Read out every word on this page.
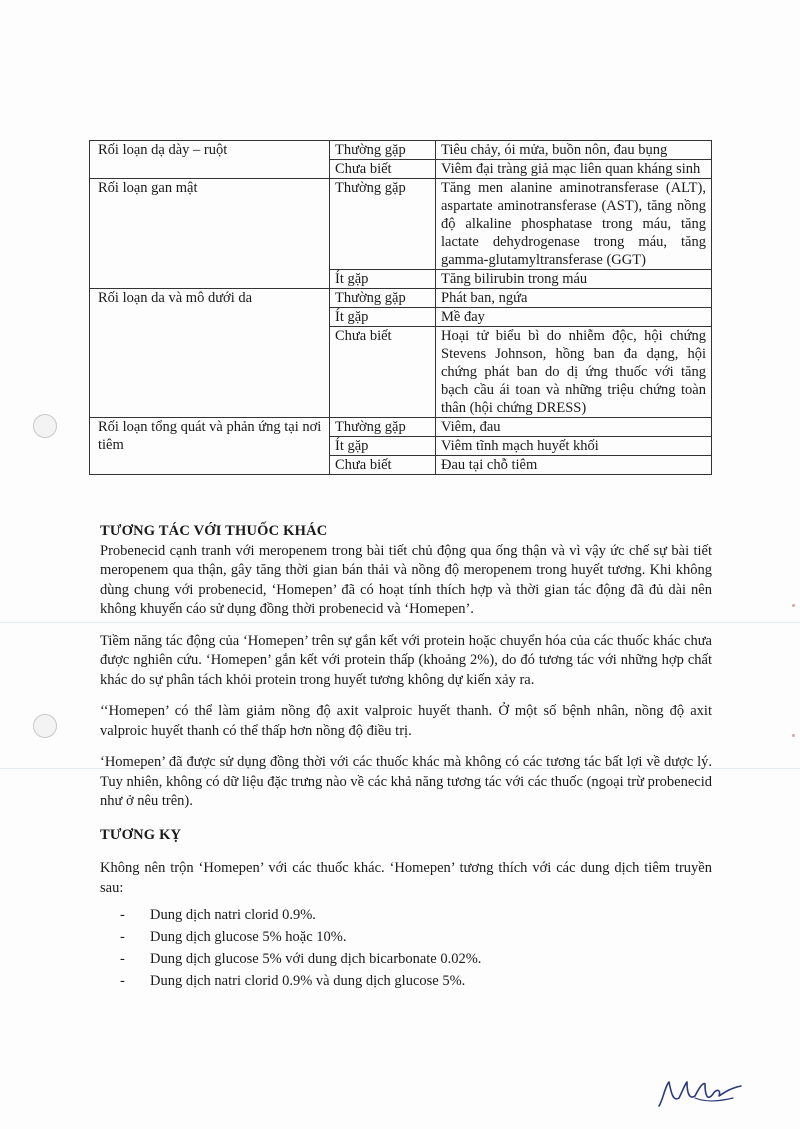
Rối loạn dạ dày – ruột	Thường gặp	Tiêu chảy, ói mửa, buồn nôn, đau bụng
	Chưa biết	Viêm đại tràng giả mạc liên quan kháng sinh
Rối loạn gan mật	Thường gặp	Tăng men alanine aminotransferase (ALT), aspartate aminotransferase (AST), tăng nồng độ alkaline phosphatase trong máu, tăng lactate dehydrogenase trong máu, tăng gamma-glutamyltransferase (GGT)
	Ít gặp	Tăng bilirubin trong máu
Rối loạn da và mô dưới da	Thường gặp	Phát ban, ngứa
	Ít gặp	Mề đay
	Chưa biết	Hoại tử biểu bì do nhiễm độc, hội chứng Stevens Johnson, hồng ban đa dạng, hội chứng phát ban do dị ứng thuốc với tăng bạch cầu ái toan và những triệu chứng toàn thân (hội chứng DRESS)
Rối loạn tổng quát và phản ứng tại nơi tiêm	Thường gặp	Viêm, đau
	Ít gặp	Viêm tĩnh mạch huyết khối
	Chưa biết	Đau tại chỗ tiêm
TƯƠNG TÁC VỚI THUỐC KHÁC

Probenecid cạnh tranh với meropenem trong bài tiết chủ động qua ống thận và vì vậy ức chế sự bài tiết meropenem qua thận, gây tăng thời gian bán thải và nồng độ meropenem trong huyết tương. Khi không dùng chung với probenecid, ‘Homepen’ đã có hoạt tính thích hợp và thời gian tác động đã đủ dài nên không khuyến cáo sử dụng đồng thời probenecid và ‘Homepen’.

Tiềm năng tác động của ‘Homepen’ trên sự gắn kết với protein hoặc chuyển hóa của các thuốc khác chưa được nghiên cứu. ‘Homepen’ gắn kết với protein thấp (khoảng 2%), do đó tương tác với những hợp chất khác do sự phân tách khỏi protein trong huyết tương không dự kiến xảy ra.

‘‘Homepen’ có thể làm giảm nồng độ axit valproic huyết thanh. Ở một số bệnh nhân, nồng độ axit valproic huyết thanh có thể thấp hơn nồng độ điều trị.

‘Homepen’ đã được sử dụng đồng thời với các thuốc khác mà không có các tương tác bất lợi về dược lý. Tuy nhiên, không có dữ liệu đặc trưng nào về các khả năng tương tác với các thuốc (ngoại trừ probenecid như ở nêu trên).

TƯƠNG KỴ

Không nên trộn ‘Homepen’ với các thuốc khác. ‘Homepen’ tương thích với các dung dịch tiêm truyền sau:

- Dung dịch natri clorid 0.9%.
- Dung dịch glucose 5% hoặc 10%.
- Dung dịch glucose 5% với dung dịch bicarbonate 0.02%.
- Dung dịch natri clorid 0.9% và dung dịch glucose 5%.
